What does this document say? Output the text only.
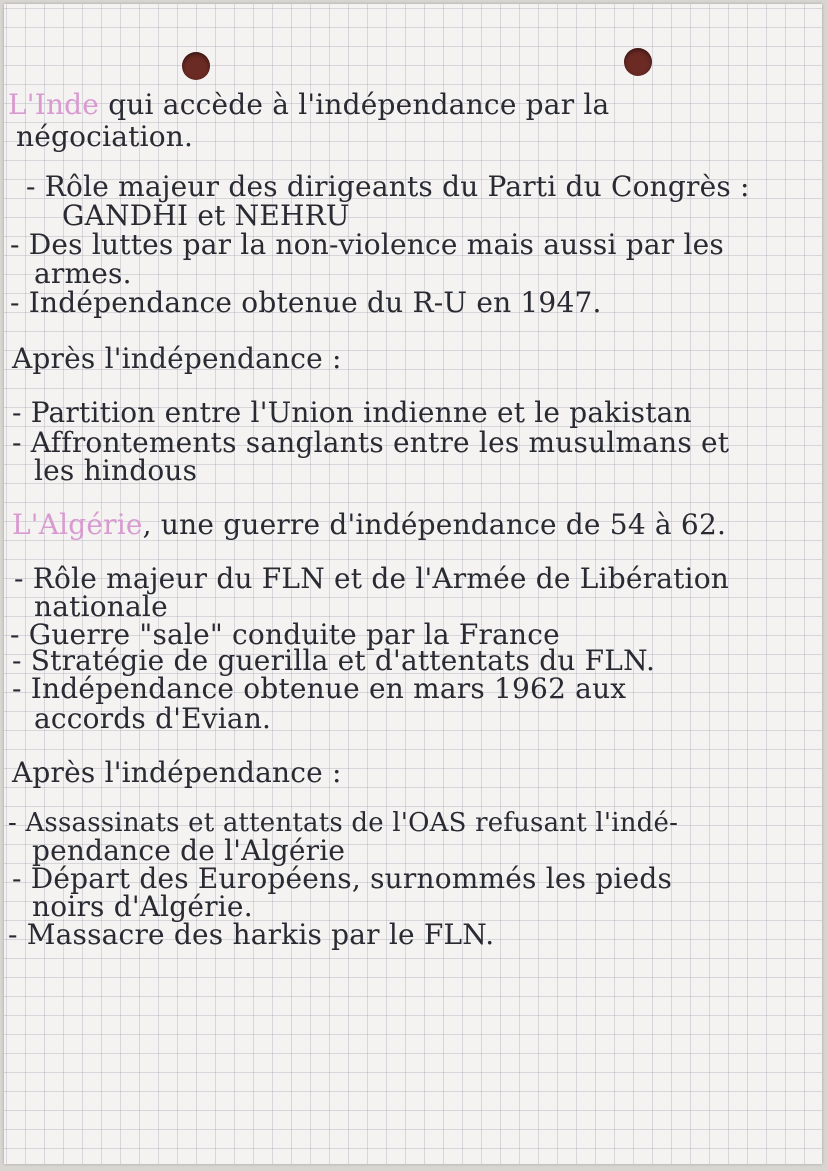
L'Inde qui accède à l'indépendance par la

négociation.

- Rôle majeur des dirigeants du Parti du Congrès :

GANDHI et NEHRU

- Des luttes par la non-violence mais aussi par les

armes.

- Indépendance obtenue du R-U en 1947.

Après l'indépendance :

- Partition entre l'Union indienne et le pakistan

- Affrontements sanglants entre les musulmans et

les hindous

L'Algérie, une guerre d'indépendance de 54 à 62.

- Rôle majeur du FLN et de l'Armée de Libération

nationale

- Guerre "sale" conduite par la France

- Stratégie de guerilla et d'attentats du FLN.

- Indépendance obtenue en mars 1962 aux

accords d'Evian.

Après l'indépendance :

- Assassinats et attentats de l'OAS refusant l'indé-

pendance de l'Algérie

- Départ des Européens, surnommés les pieds

noirs d'Algérie.

- Massacre des harkis par le FLN.
